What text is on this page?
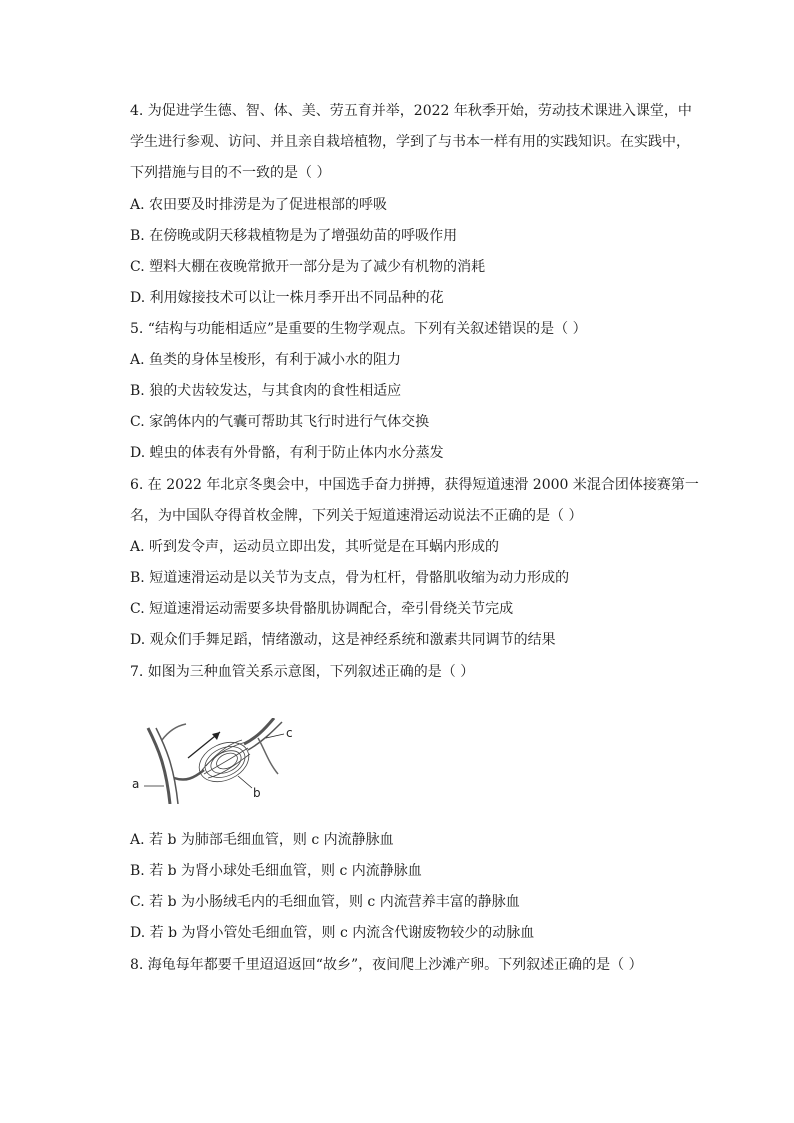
4. 为促进学生德、智、体、美、劳五育并举，2022 年秋季开始，劳动技术课进入课堂，中
学生进行参观、访问、并且亲自栽培植物，学到了与书本一样有用的实践知识。在实践中，
下列措施与目的不一致的是（ ）
A. 农田要及时排涝是为了促进根部的呼吸
B. 在傍晚或阴天移栽植物是为了增强幼苗的呼吸作用
C. 塑料大棚在夜晚常掀开一部分是为了减少有机物的消耗
D. 利用嫁接技术可以让一株月季开出不同品种的花
5. “结构与功能相适应”是重要的生物学观点。下列有关叙述错误的是（ ）
A. 鱼类的身体呈梭形，有利于减小水的阻力
B. 狼的犬齿较发达，与其食肉的食性相适应
C. 家鸽体内的气囊可帮助其飞行时进行气体交换
D. 蝗虫的体表有外骨骼，有利于防止体内水分蒸发
6. 在 2022 年北京冬奥会中，中国选手奋力拼搏，获得短道速滑 2000 米混合团体接赛第一
名，为中国队夺得首枚金牌，下列关于短道速滑运动说法不正确的是（ ）
A. 听到发令声，运动员立即出发，其听觉是在耳蜗内形成的
B. 短道速滑运动是以关节为支点，骨为杠杆，骨骼肌收缩为动力形成的
C. 短道速滑运动需要多块骨骼肌协调配合，牵引骨绕关节完成
D. 观众们手舞足蹈，情绪激动，这是神经系统和激素共同调节的结果
7. 如图为三种血管关系示意图，下列叙述正确的是（ ）
a
c
b
A. 若 b 为肺部毛细血管，则 c 内流静脉血
B. 若 b 为肾小球处毛细血管，则 c 内流静脉血
C. 若 b 为小肠绒毛内的毛细血管，则 c 内流营养丰富的静脉血
D. 若 b 为肾小管处毛细血管，则 c 内流含代谢废物较少的动脉血
8. 海龟每年都要千里迢迢返回“故乡”，夜间爬上沙滩产卵。下列叙述正确的是（ ）
